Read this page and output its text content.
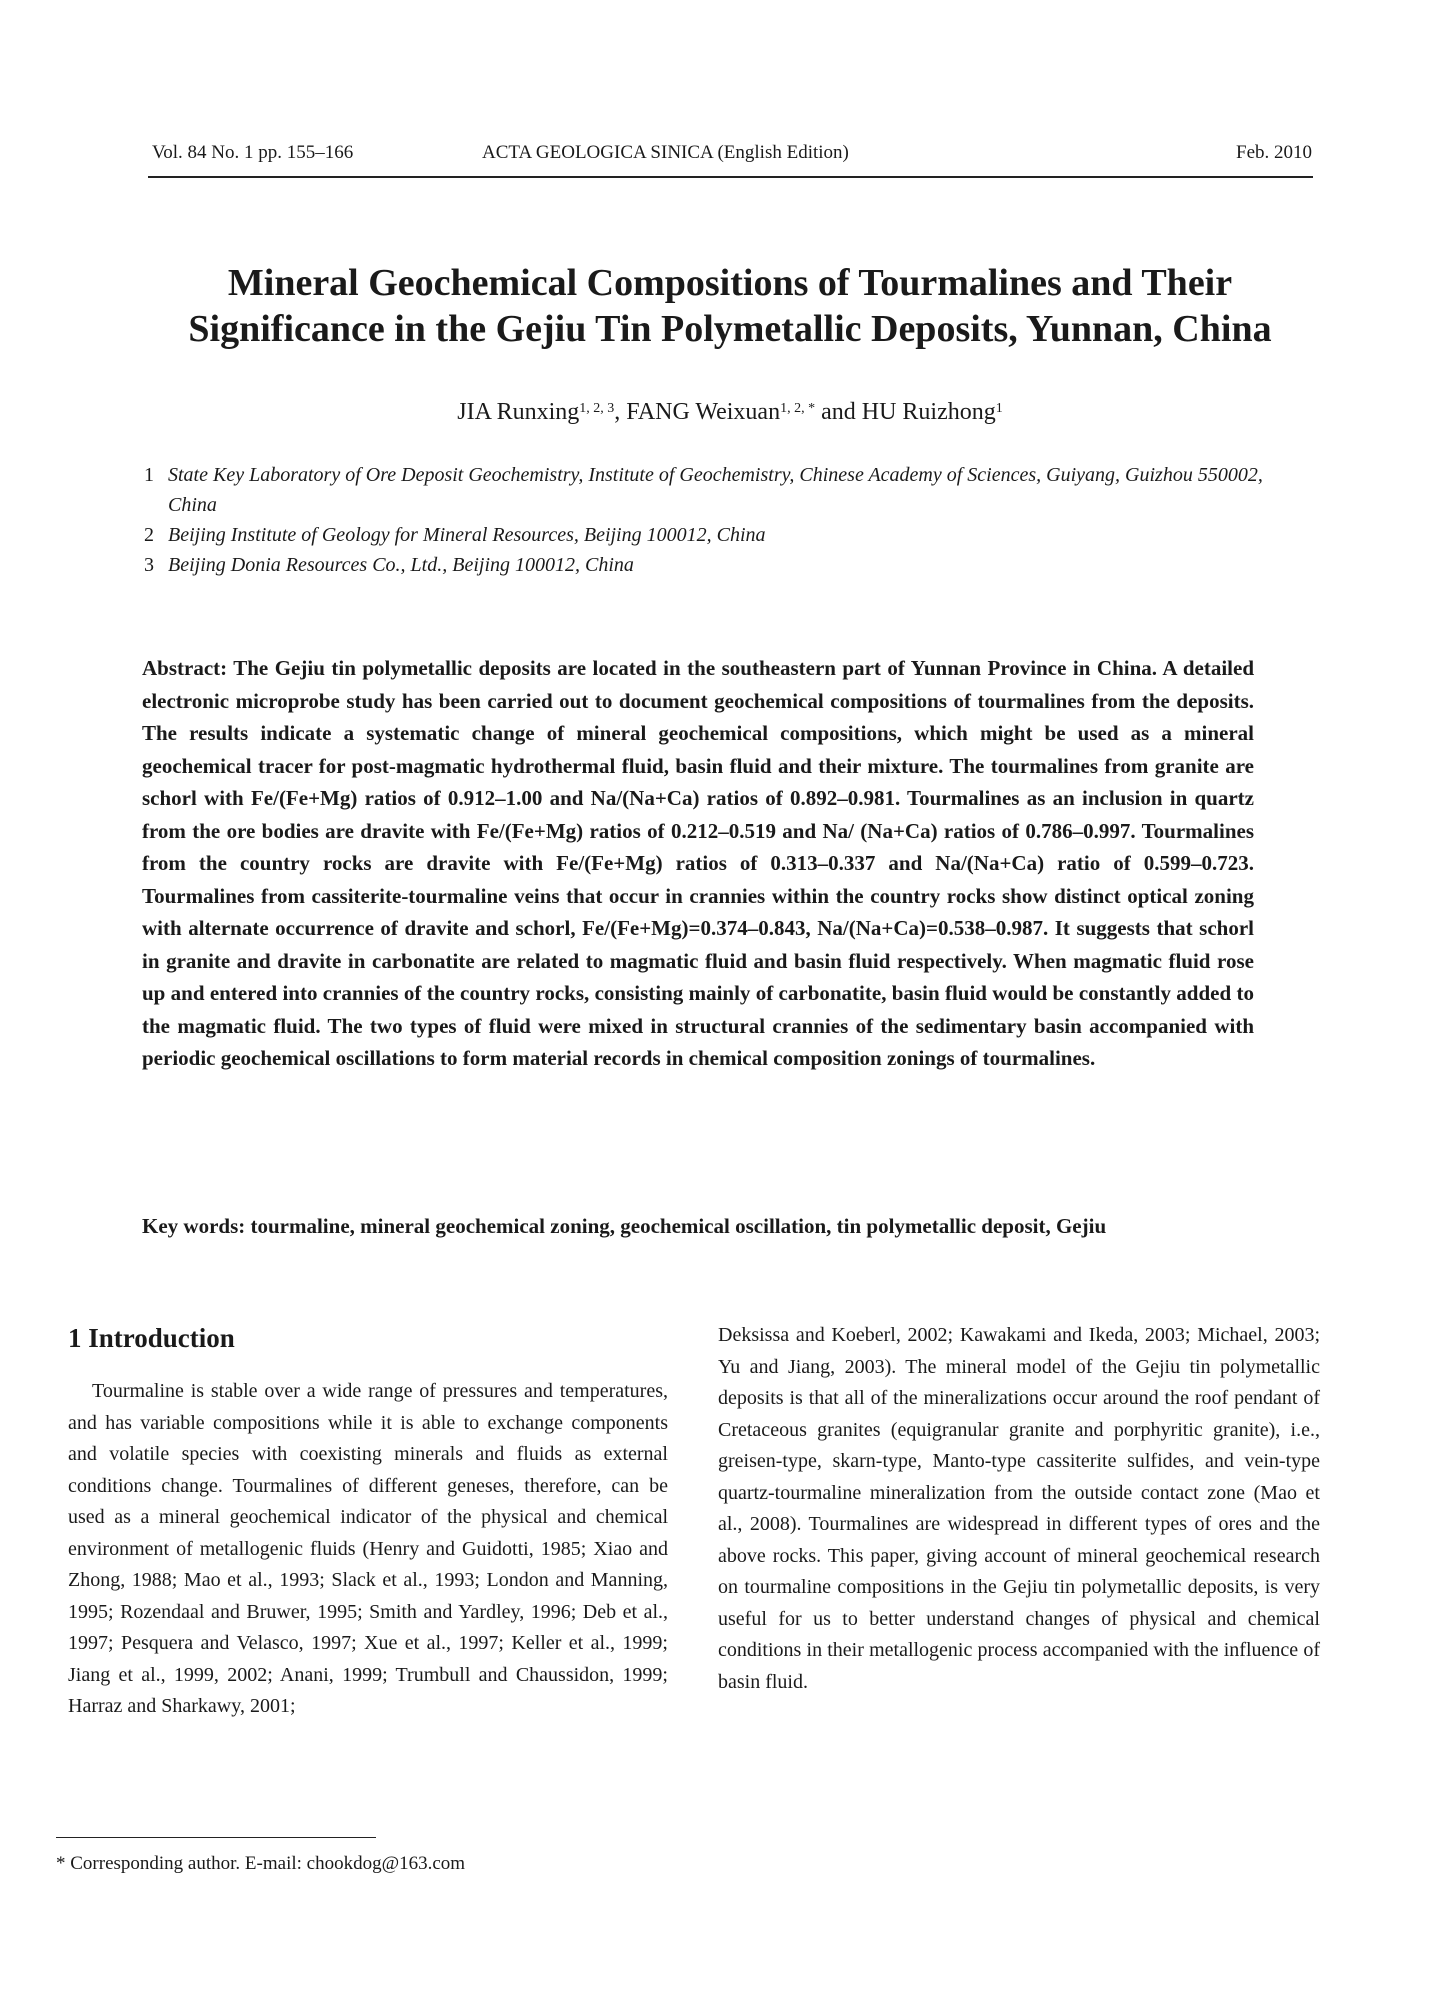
Vol. 84 No. 1 pp. 155–166	ACTA GEOLOGICA SINICA (English Edition)	Feb. 2010
Mineral Geochemical Compositions of Tourmalines and Their
Significance in the Gejiu Tin Polymetallic Deposits, Yunnan, China
JIA Runxing$^{1, 2, 3}$, FANG Weixuan$^{1, 2, *}$ and HU Ruizhong$^1$
1 State Key Laboratory of Ore Deposit Geochemistry, Institute of Geochemistry, Chinese Academy of Sciences, Guiyang, Guizhou 550002, China
2 Beijing Institute of Geology for Mineral Resources, Beijing 100012, China
3 Beijing Donia Resources Co., Ltd., Beijing 100012, China

Abstract: The Gejiu tin polymetallic deposits are located in the southeastern part of Yunnan Province in China. A detailed electronic microprobe study has been carried out to document geochemical compositions of tourmalines from the deposits. The results indicate a systematic change of mineral geochemical compositions, which might be used as a mineral geochemical tracer for post-magmatic hydrothermal fluid, basin fluid and their mixture. The tourmalines from granite are schorl with Fe/(Fe+Mg) ratios of 0.912–1.00 and Na/(Na+Ca) ratios of 0.892–0.981. Tourmalines as an inclusion in quartz from the ore bodies are dravite with Fe/(Fe+Mg) ratios of 0.212–0.519 and Na/ (Na+Ca) ratios of 0.786–0.997. Tourmalines from the country rocks are dravite with Fe/(Fe+Mg) ratios of 0.313–0.337 and Na/(Na+Ca) ratio of 0.599–0.723. Tourmalines from cassiterite-tourmaline veins that occur in crannies within the country rocks show distinct optical zoning with alternate occurrence of dravite and schorl, Fe/(Fe+Mg)=0.374–0.843, Na/(Na+Ca)=0.538–0.987. It suggests that schorl in granite and dravite in carbonatite are related to magmatic fluid and basin fluid respectively. When magmatic fluid rose up and entered into crannies of the country rocks, consisting mainly of carbonatite, basin fluid would be constantly added to the magmatic fluid. The two types of fluid were mixed in structural crannies of the sedimentary basin accompanied with periodic geochemical oscillations to form material records in chemical composition zonings of tourmalines.

Key words: tourmaline, mineral geochemical zoning, geochemical oscillation, tin polymetallic deposit, Gejiu

1 Introduction

Tourmaline is stable over a wide range of pressures and temperatures, and has variable compositions while it is able to exchange components and volatile species with coexisting minerals and fluids as external conditions change. Tourmalines of different geneses, therefore, can be used as a mineral geochemical indicator of the physical and chemical environment of metallogenic fluids (Henry and Guidotti, 1985; Xiao and Zhong, 1988; Mao et al., 1993; Slack et al., 1993; London and Manning, 1995; Rozendaal and Bruwer, 1995; Smith and Yardley, 1996; Deb et al., 1997; Pesquera and Velasco, 1997; Xue et al., 1997; Keller et al., 1999; Jiang et al., 1999, 2002; Anani, 1999; Trumbull and Chaussidon, 1999; Harraz and Sharkawy, 2001;

Deksissa and Koeberl, 2002; Kawakami and Ikeda, 2003; Michael, 2003; Yu and Jiang, 2003). The mineral model of the Gejiu tin polymetallic deposits is that all of the mineralizations occur around the roof pendant of Cretaceous granites (equigranular granite and porphyritic granite), i.e., greisen-type, skarn-type, Manto-type cassiterite sulfides, and vein-type quartz-tourmaline mineralization from the outside contact zone (Mao et al., 2008). Tourmalines are widespread in different types of ores and the above rocks. This paper, giving account of mineral geochemical research on tourmaline compositions in the Gejiu tin polymetallic deposits, is very useful for us to better understand changes of physical and chemical conditions in their metallogenic process accompanied with the influence of basin fluid.

* Corresponding author. E-mail: chookdog@163.com
